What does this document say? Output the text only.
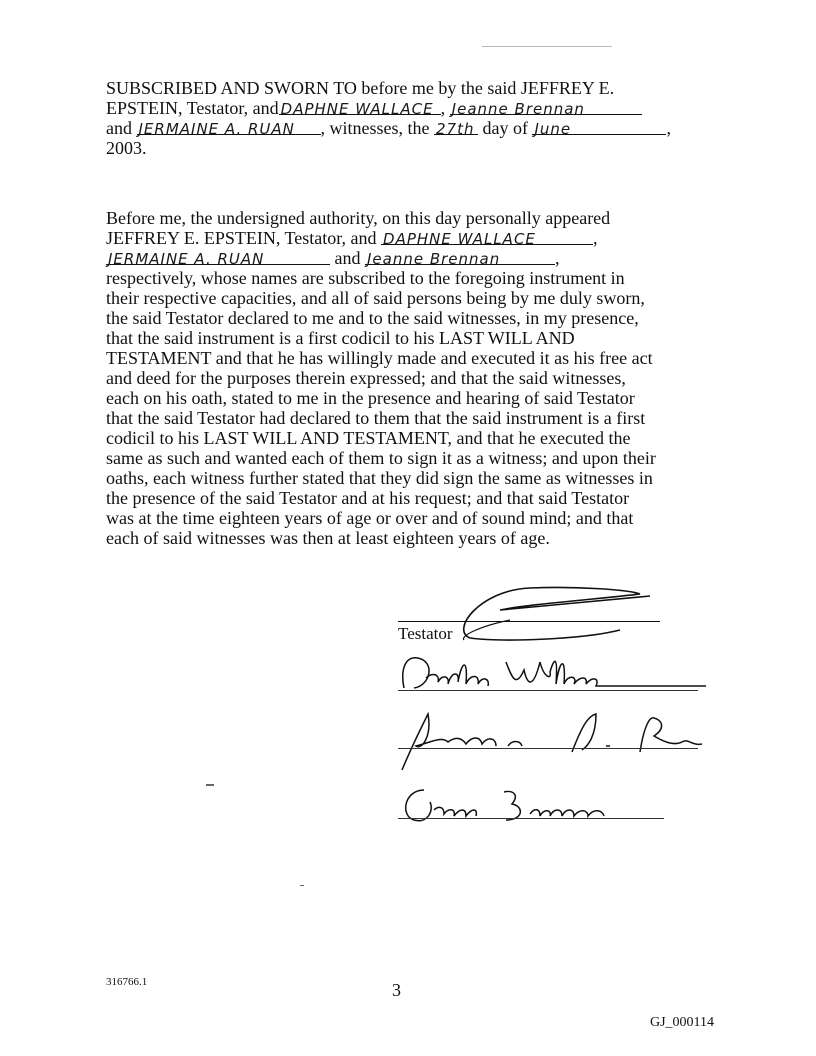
SUBSCRIBED AND SWORN TO before me by the said JEFFREY E.
EPSTEIN, Testator, and DAPHNE WALLACE , Jeanne Brennan
and JERMAINE A. RUAN , witnesses, the 27th day of June	,
2003.
Before me, the undersigned authority, on this day personally appeared
JEFFREY E. EPSTEIN, Testator, and DAPHNE WALLACE	,
JERMAINE A. RUAN	and Jeanne Brennan	,
respectively, whose names are subscribed to the foregoing instrument in
their respective capacities, and all of said persons being by me duly sworn,
the said Testator declared to me and to the said witnesses, in my presence,
that the said instrument is a first codicil to his LAST WILL AND
TESTAMENT and that he has willingly made and executed it as his free act
and deed for the purposes therein expressed; and that the said witnesses,
each on his oath, stated to me in the presence and hearing of said Testator
that the said Testator had declared to them that the said instrument is a first
codicil to his LAST WILL AND TESTAMENT, and that he executed the
same as such and wanted each of them to sign it as a witness; and upon their
oaths, each witness further stated that they did sign the same as witnesses in
the presence of the said Testator and at his request; and that said Testator
was at the time eighteen years of age or over and of sound mind; and that
each of said witnesses was then at least eighteen years of age.
Testator
316766.1	3
GJ_000114
